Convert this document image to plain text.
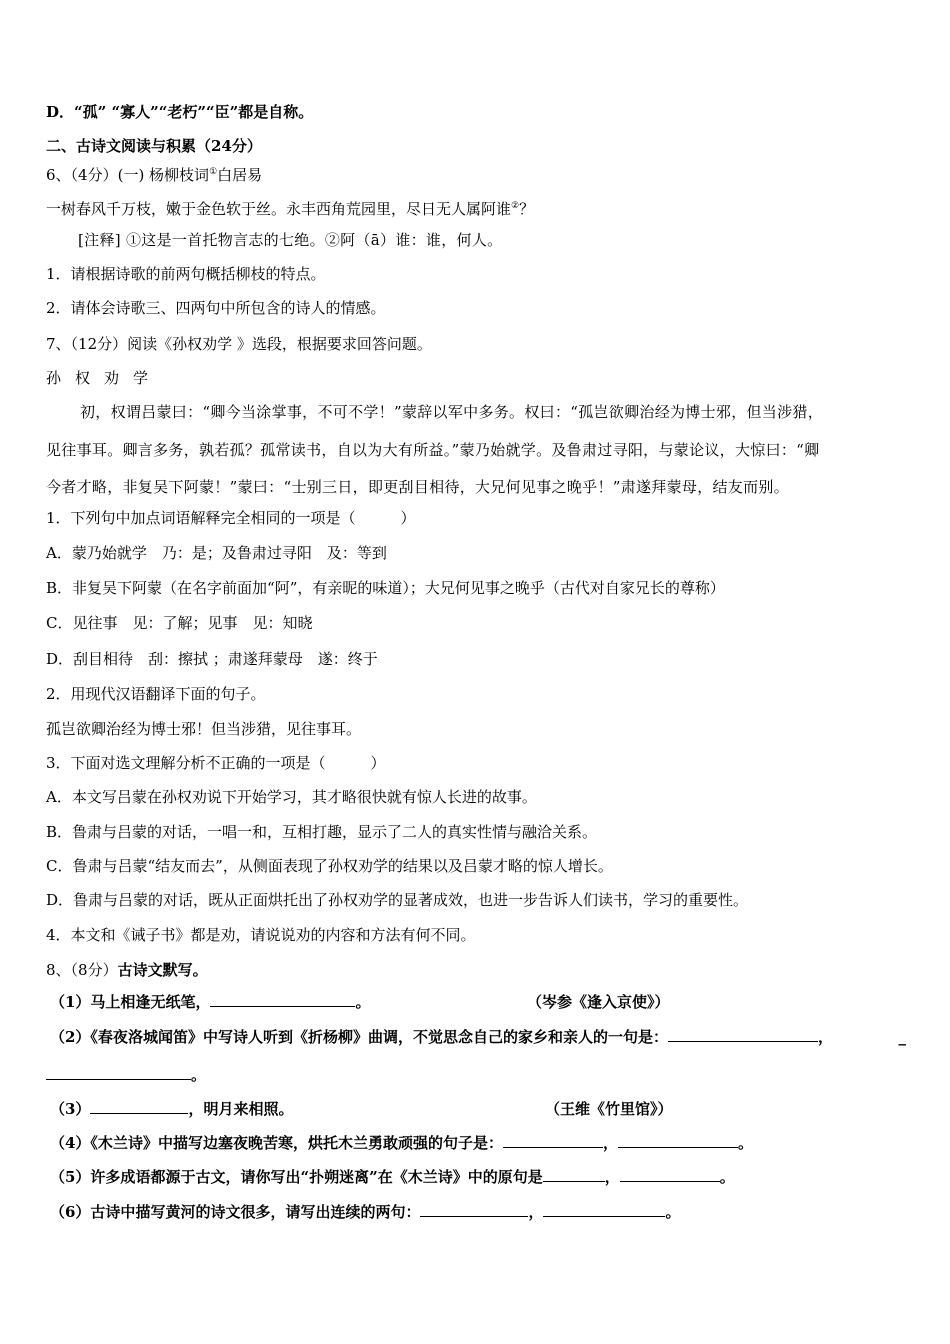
D．“孤” “寡人”“老朽”“臣”都是自称。
二、古诗文阅读与积累（24分）
6、（4分）(一) 杨柳枝词①白居易
一树春风千万枝，嫩于金色软于丝。永丰西角荒园里，尽日无人属阿谁②？
[注释] ①这是一首托物言志的七绝。②阿（ā）谁：谁，何人。
1．请根据诗歌的前两句概括柳枝的特点。
2．请体会诗歌三、四两句中所包含的诗人的情感。
7、（12分）阅读《孙权劝学 》选段，根据要求回答问题。
孙权劝学
初，权谓吕蒙曰：“卿今当涂掌事，不可不学！”蒙辞以军中多务。权曰：“孤岂欲卿治经为博士邪，但当涉猎，
见往事耳。卿言多务，孰若孤？孤常读书，自以为大有所益。”蒙乃始就学。及鲁肃过寻阳，与蒙论议，大惊曰：“卿
今者才略，非复吴下阿蒙！”蒙曰：“士别三日，即更刮目相待，大兄何见事之晚乎！”肃遂拜蒙母，结友而别。
1．下列句中加点词语解释完全相同的一项是（　　　）
A．蒙乃始就学　乃：是；及鲁肃过寻阳　及：等到
B．非复吴下阿蒙（在名字前面加“阿”，有亲昵的味道）；大兄何见事之晚乎（古代对自家兄长的尊称）
C．见往事　见：了解；见事　见：知晓
D．刮目相待　刮：擦拭 ；肃遂拜蒙母　遂：终于
2．用现代汉语翻译下面的句子。
孤岂欲卿治经为博士邪！但当涉猎，见往事耳。
3．下面对选文理解分析不正确的一项是（　　　）
A．本文写吕蒙在孙权劝说下开始学习，其才略很快就有惊人长进的故事。
B．鲁肃与吕蒙的对话，一唱一和，互相打趣，显示了二人的真实性情与融洽关系。
C．鲁肃与吕蒙“结友而去”，从侧面表现了孙权劝学的结果以及吕蒙才略的惊人增长。
D．鲁肃与吕蒙的对话，既从正面烘托出了孙权劝学的显著成效，也进一步告诉人们读书，学习的重要性。
4．本文和《诫子书》都是劝，请说说劝的内容和方法有何不同。
8、（8分）古诗文默写。
（1）马上相逢无纸笔，	。	（岑参《逢入京使》）
（2）《春夜洛城闻笛》中写诗人听到《折杨柳》曲调，不觉思念自己的家乡和亲人的一句是：	，	_
。
（3）	，明月来相照。	（王维《竹里馆》）
（4）《木兰诗》中描写边塞夜晚苦寒，烘托木兰勇敢顽强的句子是：	，	。
（5）许多成语都源于古文，请你写出“扑朔迷离”在《木兰诗》中的原句是	，	。
（6）古诗中描写黄河的诗文很多，请写出连续的两句：	，	。
